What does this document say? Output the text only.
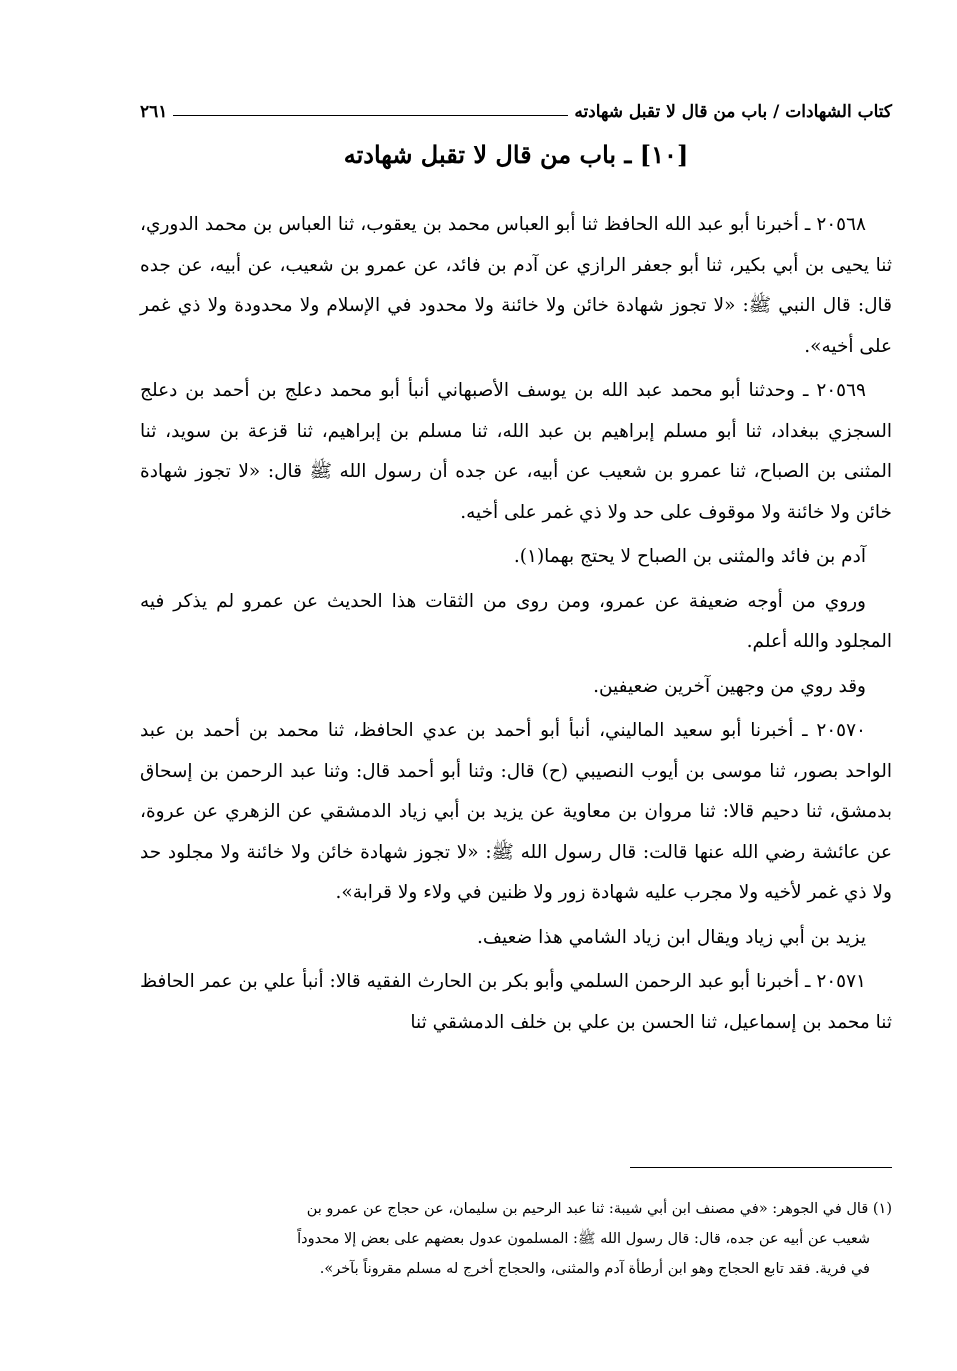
كتاب الشهادات / باب من قال لا تقبل شهادته
٢٦١
[١٠] ـ باب من قال لا تقبل شهادته

٢٠٥٦٨ ـ أخبرنا أبو عبد الله الحافظ ثنا أبو العباس محمد بن يعقوب، ثنا العباس بن محمد الدوري، ثنا يحيى بن أبي بكير، ثنا أبو جعفر الرازي عن آدم بن فائد، عن عمرو بن شعيب، عن أبيه، عن جده قال: قال النبي ﷺ: «لا تجوز شهادة خائن ولا خائنة ولا محدود في الإسلام ولا محدودة ولا ذي غمر على أخيه».

٢٠٥٦٩ ـ وحدثنا أبو محمد عبد الله بن يوسف الأصبهاني أنبأ أبو محمد دعلج بن أحمد بن دعلج السجزي ببغداد، ثنا أبو مسلم إبراهيم بن عبد الله، ثنا مسلم بن إبراهيم، ثنا قزعة بن سويد، ثنا المثنى بن الصباح، ثنا عمرو بن شعيب عن أبيه، عن جده أن رسول الله ﷺ قال: «لا تجوز شهادة خائن ولا خائنة ولا موقوف على حد ولا ذي غمر على أخيه.

آدم بن فائد والمثنى بن الصباح لا يحتج بهما(١).

وروي من أوجه ضعيفة عن عمرو، ومن روى من الثقات هذا الحديث عن عمرو لم يذكر فيه المجلود والله أعلم.

وقد روي من وجهين آخرين ضعيفين.

٢٠٥٧٠ ـ أخبرنا أبو سعيد الماليني، أنبأ أبو أحمد بن عدي الحافظ، ثنا محمد بن أحمد بن عبد الواحد بصور، ثنا موسى بن أيوب النصيبي (ح) قال: وثنا أبو أحمد قال: وثنا عبد الرحمن بن إسحاق بدمشق، ثنا دحيم قالا: ثنا مروان بن معاوية عن يزيد بن أبي زياد الدمشقي عن الزهري عن عروة، عن عائشة رضي الله عنها قالت: قال رسول الله ﷺ: «لا تجوز شهادة خائن ولا خائنة ولا مجلود حد ولا ذي غمر لأخيه ولا مجرب عليه شهادة زور ولا ظنين في ولاء ولا قرابة».

يزيد بن أبي زياد ويقال ابن زياد الشامي هذا ضعيف.

٢٠٥٧١ ـ أخبرنا أبو عبد الرحمن السلمي وأبو بكر بن الحارث الفقيه قالا: أنبأ علي بن عمر الحافظ ثنا محمد بن إسماعيل، ثنا الحسن بن علي بن خلف الدمشقي ثنا

(١) قال في الجوهر: «في مصنف ابن أبي شيبة: ثنا عبد الرحيم بن سليمان، عن حجاج عن عمرو بن
شعيب عن أبيه عن جده، قال: قال رسول الله ﷺ: المسلمون عدول بعضهم على بعض إلا محدوداً
في فرية. فقد تابع الحجاج وهو ابن أرطأة آدم والمثنى، والحجاج أخرج له مسلم مقروناً بآخر».
